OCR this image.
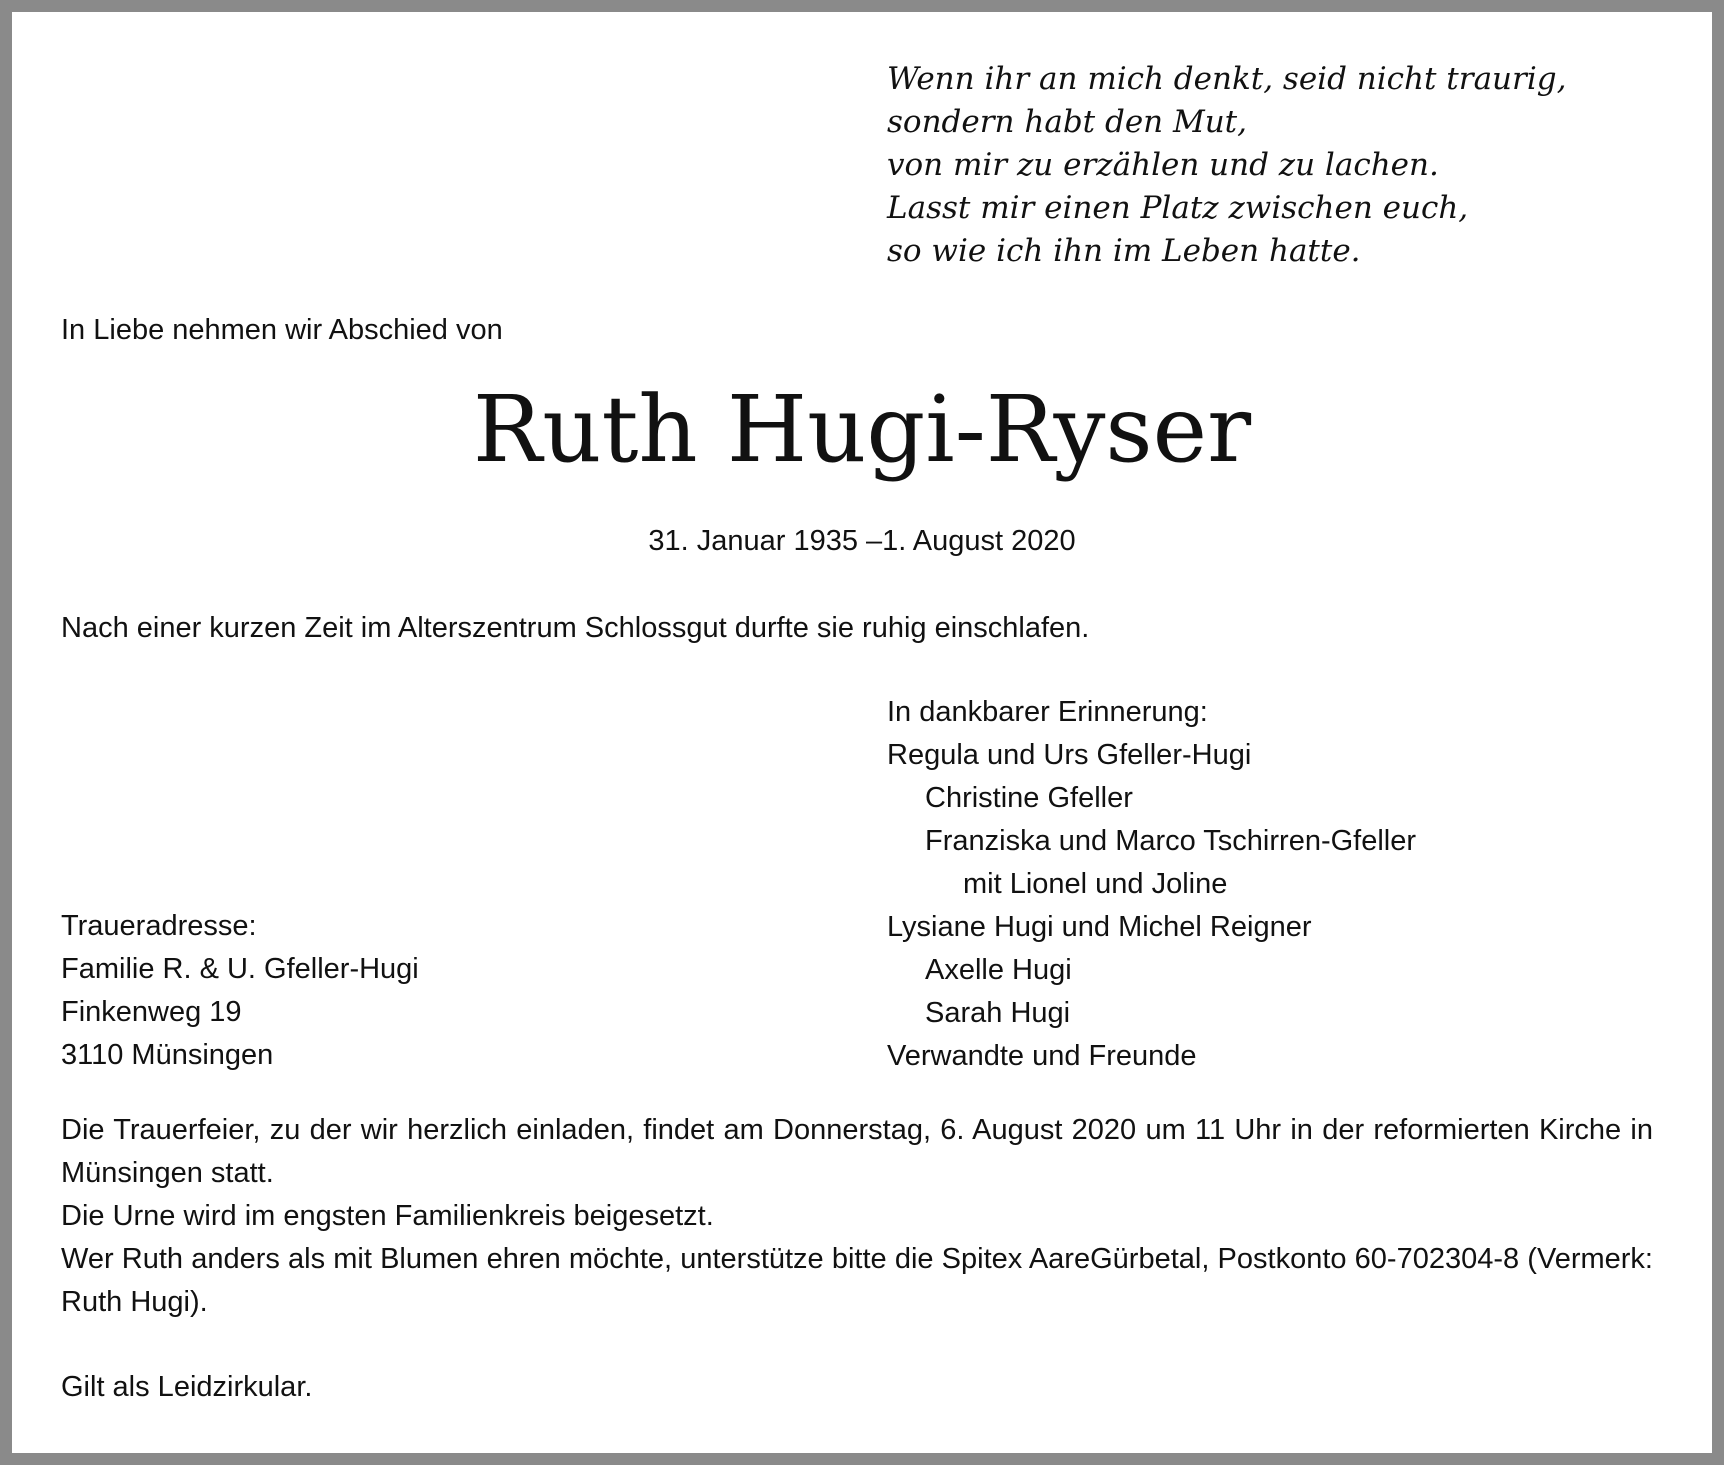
Wenn ihr an mich denkt, seid nicht traurig,
sondern habt den Mut,
von mir zu erzählen und zu lachen.
Lasst mir einen Platz zwischen euch,
so wie ich ihn im Leben hatte.
In Liebe nehmen wir Abschied von
Ruth Hugi-Ryser
31. Januar 1935 –1. August 2020
Nach einer kurzen Zeit im Alterszentrum Schlossgut durfte sie ruhig einschlafen.
In dankbarer Erinnerung:
Regula und Urs Gfeller-Hugi
Christine Gfeller
Franziska und Marco Tschirren-Gfeller
mit Lionel und Joline
Lysiane Hugi und Michel Reigner
Axelle Hugi
Sarah Hugi
Verwandte und Freunde
Traueradresse:
Familie R. & U. Gfeller-Hugi
Finkenweg 19
3110 Münsingen

Die Trauerfeier, zu der wir herzlich einladen, findet am Donnerstag, 6. August 2020 um 11 Uhr in der reformierten Kirche in Münsingen statt.

Die Urne wird im engsten Familienkreis beigesetzt.

Wer Ruth anders als mit Blumen ehren möchte, unterstütze bitte die Spitex AareGürbetal, Postkonto 60-702304-8 (Vermerk: Ruth Hugi).

Gilt als Leidzirkular.
